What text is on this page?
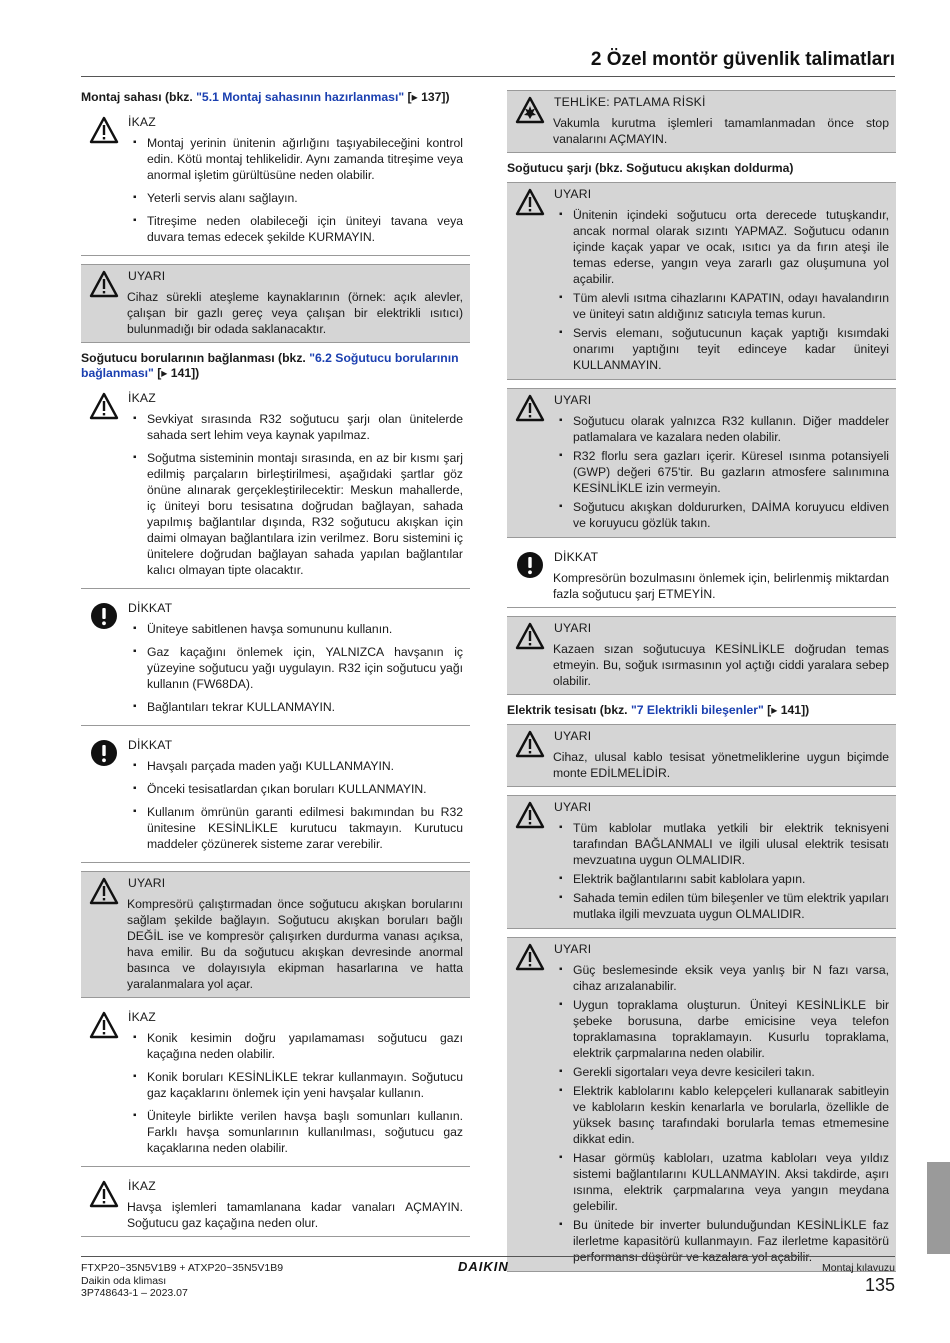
2 Özel montör güvenlik talimatları
Montaj sahası (bkz. "5.1 Montaj sahasının hazırlanması" [▸ 137])
İKAZ
▪ Montaj yerinin ünitenin ağırlığını taşıyabileceğini kontrol edin. Kötü montaj tehlikelidir. Aynı zamanda titreşime veya anormal işletim gürültüsüne neden olabilir.
▪ Yeterli servis alanı sağlayın.
▪ Titreşime neden olabileceği için üniteyi tavana veya duvara temas edecek şekilde KURMAYIN.
UYARI
Cihaz sürekli ateşleme kaynaklarının (örnek: açık alevler, çalışan bir gazlı gereç veya çalışan bir elektrikli ısıtıcı) bulunmadığı bir odada saklanacaktır.
Soğutucu borularının bağlanması (bkz. "6.2 Soğutucu borularının bağlanması" [▸ 141])
İKAZ
▪ Sevkiyat sırasında R32 soğutucu şarjı olan ünitelerde sahada sert lehim veya kaynak yapılmaz.
▪ Soğutma sisteminin montajı sırasında, en az bir kısmı şarj edilmiş parçaların birleştirilmesi, aşağıdaki şartlar göz önüne alınarak gerçekleştirilecektir: Meskun mahallerde, iç üniteyi boru tesisatına doğrudan bağlayan, sahada yapılmış bağlantılar dışında, R32 soğutucu akışkan için daimi olmayan bağlantılara izin verilmez. Boru sistemini iç ünitelere doğrudan bağlayan sahada yapılan bağlantılar kalıcı olmayan tipte olacaktır.
DİKKAT
▪ Üniteye sabitlenen havşa somununu kullanın.
▪ Gaz kaçağını önlemek için, YALNIZCA havşanın iç yüzeyine soğutucu yağı uygulayın. R32 için soğutucu yağı kullanın (FW68DA).
▪ Bağlantıları tekrar KULLANMAYIN.
DİKKAT
▪ Havşalı parçada maden yağı KULLANMAYIN.
▪ Önceki tesisatlardan çıkan boruları KULLANMAYIN.
▪ Kullanım ömrünün garanti edilmesi bakımından bu R32 ünitesine KESİNLİKLE kurutucu takmayın. Kurutucu maddeler çözünerek sisteme zarar verebilir.
UYARI
Kompresörü çalıştırmadan önce soğutucu akışkan borularını sağlam şekilde bağlayın. Soğutucu akışkan boruları bağlı DEĞİL ise ve kompresör çalışırken durdurma vanası açıksa, hava emilir. Bu da soğutucu akışkan devresinde anormal basınca ve dolayısıyla ekipman hasarlarına ve hatta yaralanmalara yol açar.
İKAZ
▪ Konik kesimin doğru yapılamaması soğutucu gazı kaçağına neden olabilir.
▪ Konik boruları KESİNLİKLE tekrar kullanmayın. Soğutucu gaz kaçaklarını önlemek için yeni havşalar kullanın.
▪ Üniteyle birlikte verilen havşa başlı somunları kullanın. Farklı havşa somunlarının kullanılması, soğutucu gaz kaçaklarına neden olabilir.
İKAZ
Havşa işlemleri tamamlanana kadar vanaları AÇMAYIN. Soğutucu gaz kaçağına neden olur.
TEHLİKE: PATLAMA RİSKİ
Vakumla kurutma işlemleri tamamlanmadan önce stop vanalarını AÇMAYIN.
Soğutucu şarjı (bkz. Soğutucu akışkan doldurma)
UYARI
▪ Ünitenin içindeki soğutucu orta derecede tutuşkandır, ancak normal olarak sızıntı YAPMAZ. Soğutucu odanın içinde kaçak yapar ve ocak, ısıtıcı ya da fırın ateşi ile temas ederse, yangın veya zararlı gaz oluşumuna yol açabilir.
▪ Tüm alevli ısıtma cihazlarını KAPATIN, odayı havalandırın ve üniteyi satın aldığınız satıcıyla temas kurun.
▪ Servis elemanı, soğutucunun kaçak yaptığı kısımdaki onarımı yaptığını teyit edinceye kadar üniteyi KULLANMAYIN.
UYARI
▪ Soğutucu olarak yalnızca R32 kullanın. Diğer maddeler patlamalara ve kazalara neden olabilir.
▪ R32 florlu sera gazları içerir. Küresel ısınma potansiyeli (GWP) değeri 675'tir. Bu gazların atmosfere salınımına KESİNLİKLE izin vermeyin.
▪ Soğutucu akışkan doldururken, DAİMA koruyucu eldiven ve koruyucu gözlük takın.
DİKKAT
Kompresörün bozulmasını önlemek için, belirlenmiş miktardan fazla soğutucu şarj ETMEYİN.
UYARI
Kazaen sızan soğutucuya KESİNLİKLE doğrudan temas etmeyin. Bu, soğuk ısırmasının yol açtığı ciddi yaralara sebep olabilir.
Elektrik tesisatı (bkz. "7 Elektrikli bileşenler" [▸ 141])
UYARI
Cihaz, ulusal kablo tesisat yönetmeliklerine uygun biçimde monte EDİLMELİDİR.
UYARI
▪ Tüm kablolar mutlaka yetkili bir elektrik teknisyeni tarafından BAĞLANMALI ve ilgili ulusal elektrik tesisatı mevzuatına uygun OLMALIDIR.
▪ Elektrik bağlantılarını sabit kablolara yapın.
▪ Sahada temin edilen tüm bileşenler ve tüm elektrik yapıları mutlaka ilgili mevzuata uygun OLMALIDIR.
UYARI
▪ Güç beslemesinde eksik veya yanlış bir N fazı varsa, cihaz arızalanabilir.
▪ Uygun topraklama oluşturun. Üniteyi KESİNLİKLE bir şebeke borusuna, darbe emicisine veya telefon topraklamasına topraklamayın. Kusurlu topraklama, elektrik çarpmalarına neden olabilir.
▪ Gerekli sigortaları veya devre kesicileri takın.
▪ Elektrik kablolarını kablo kelepçeleri kullanarak sabitleyin ve kabloların keskin kenarlarla ve borularla, özellikle de yüksek basınç tarafındaki borularla temas etmemesine dikkat edin.
▪ Hasar görmüş kabloları, uzatma kabloları veya yıldız sistemi bağlantılarını KULLANMAYIN. Aksi takdirde, aşırı ısınma, elektrik çarpmalarına veya yangın meydana gelebilir.
▪ Bu ünitede bir inverter bulunduğundan KESİNLİKLE faz ilerletme kapasitörü kullanmayın. Faz ilerletme kapasitörü performansı düşürür ve kazalara yol açabilir.
FTXP20~35N5V1B9 + ATXP20~35N5V1B9
Daikin oda kliması
3P748643-1 – 2023.07
DAIKIN	Montaj kılavuzu
135
